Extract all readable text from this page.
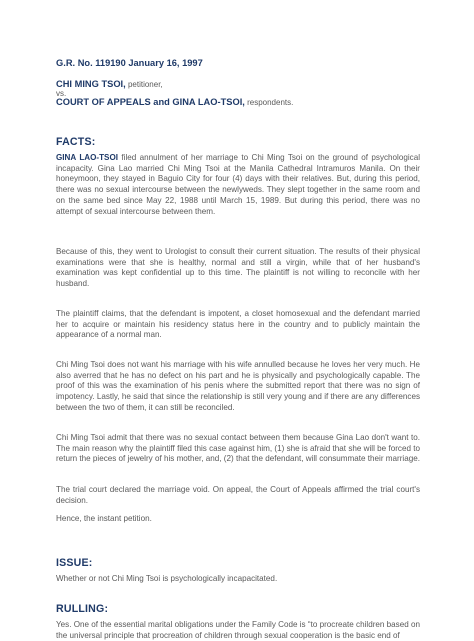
G.R. No. 119190 January 16, 1997

CHI MING TSOI, petitioner,

vs.

COURT OF APPEALS and GINA LAO-TSOI, respondents.

FACTS:

GINA LAO-TSOI filed annulment of her marriage to Chi Ming Tsoi on the ground of psychological incapacity. Gina Lao married Chi Ming Tsoi at the Manila Cathedral Intramuros Manila. On their honeymoon, they stayed in Baguio City for four (4) days with their relatives. But, during this period, there was no sexual intercourse between the newlyweds. They slept together in the same room and on the same bed since May 22, 1988 until March 15, 1989. But during this period, there was no attempt of sexual intercourse between them.

Because of this, they went to Urologist to consult their current situation. The results of their physical examinations were that she is healthy, normal and still a virgin, while that of her husband's examination was kept confidential up to this time. The plaintiff is not willing to reconcile with her husband.

The plaintiff claims, that the defendant is impotent, a closet homosexual and the defendant married her to acquire or maintain his residency status here in the country and to publicly maintain the appearance of a normal man.

Chi Ming Tsoi does not want his marriage with his wife annulled because he loves her very much. He also averred that he has no defect on his part and he is physically and psychologically capable. The proof of this was the examination of his penis where the submitted report that there was no sign of impotency. Lastly, he said that since the relationship is still very young and if there are any differences between the two of them, it can still be reconciled.

Chi Ming Tsoi admit that there was no sexual contact between them because Gina Lao don't want to. The main reason why the plaintiff filed this case against him, (1) she is afraid that she will be forced to return the pieces of jewelry of his mother, and, (2) that the defendant, will consummate their marriage.

The trial court declared the marriage void. On appeal, the Court of Appeals affirmed the trial court's decision.

Hence, the instant petition.

ISSUE:

Whether or not Chi Ming Tsoi is psychologically incapacitated.

RULLING:

Yes. One of the essential marital obligations under the Family Code is “to procreate children based on the universal principle that procreation of children through sexual cooperation is the basic end of
